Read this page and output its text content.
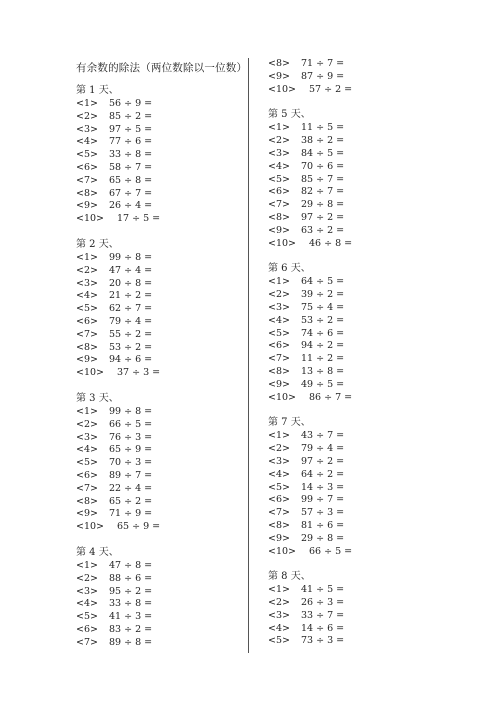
有余数的除法（两位数除以一位数）
第 1 天、
<1> 56 ÷ 9 =
<2> 85 ÷ 2 =
<3> 97 ÷ 5 =
<4> 77 ÷ 6 =
<5> 33 ÷ 8 =
<6> 58 ÷ 7 =
<7> 65 ÷ 8 =
<8> 67 ÷ 7 =
<9> 26 ÷ 4 =
<10> 17 ÷ 5 =
第 2 天、
<1> 99 ÷ 8 =
<2> 47 ÷ 4 =
<3> 20 ÷ 8 =
<4> 21 ÷ 2 =
<5> 62 ÷ 7 =
<6> 79 ÷ 4 =
<7> 55 ÷ 2 =
<8> 53 ÷ 2 =
<9> 94 ÷ 6 =
<10> 37 ÷ 3 =
第 3 天、
<1> 99 ÷ 8 =
<2> 66 ÷ 5 =
<3> 76 ÷ 3 =
<4> 65 ÷ 9 =
<5> 70 ÷ 3 =
<6> 89 ÷ 7 =
<7> 22 ÷ 4 =
<8> 65 ÷ 2 =
<9> 71 ÷ 9 =
<10> 65 ÷ 9 =
第 4 天、
<1> 47 ÷ 8 =
<2> 88 ÷ 6 =
<3> 95 ÷ 2 =
<4> 33 ÷ 8 =
<5> 41 ÷ 3 =
<6> 83 ÷ 2 =
<7> 89 ÷ 8 =
<8> 71 ÷ 7 =
<9> 87 ÷ 9 =
<10> 57 ÷ 2 =
第 5 天、
<1> 11 ÷ 5 =
<2> 38 ÷ 2 =
<3> 84 ÷ 5 =
<4> 70 ÷ 6 =
<5> 85 ÷ 7 =
<6> 82 ÷ 7 =
<7> 29 ÷ 8 =
<8> 97 ÷ 2 =
<9> 63 ÷ 2 =
<10> 46 ÷ 8 =
第 6 天、
<1> 64 ÷ 5 =
<2> 39 ÷ 2 =
<3> 75 ÷ 4 =
<4> 53 ÷ 2 =
<5> 74 ÷ 6 =
<6> 94 ÷ 2 =
<7> 11 ÷ 2 =
<8> 13 ÷ 8 =
<9> 49 ÷ 5 =
<10> 86 ÷ 7 =
第 7 天、
<1> 43 ÷ 7 =
<2> 79 ÷ 4 =
<3> 97 ÷ 2 =
<4> 64 ÷ 2 =
<5> 14 ÷ 3 =
<6> 99 ÷ 7 =
<7> 57 ÷ 3 =
<8> 81 ÷ 6 =
<9> 29 ÷ 8 =
<10> 66 ÷ 5 =
第 8 天、
<1> 41 ÷ 5 =
<2> 26 ÷ 3 =
<3> 33 ÷ 7 =
<4> 14 ÷ 6 =
<5> 73 ÷ 3 =
